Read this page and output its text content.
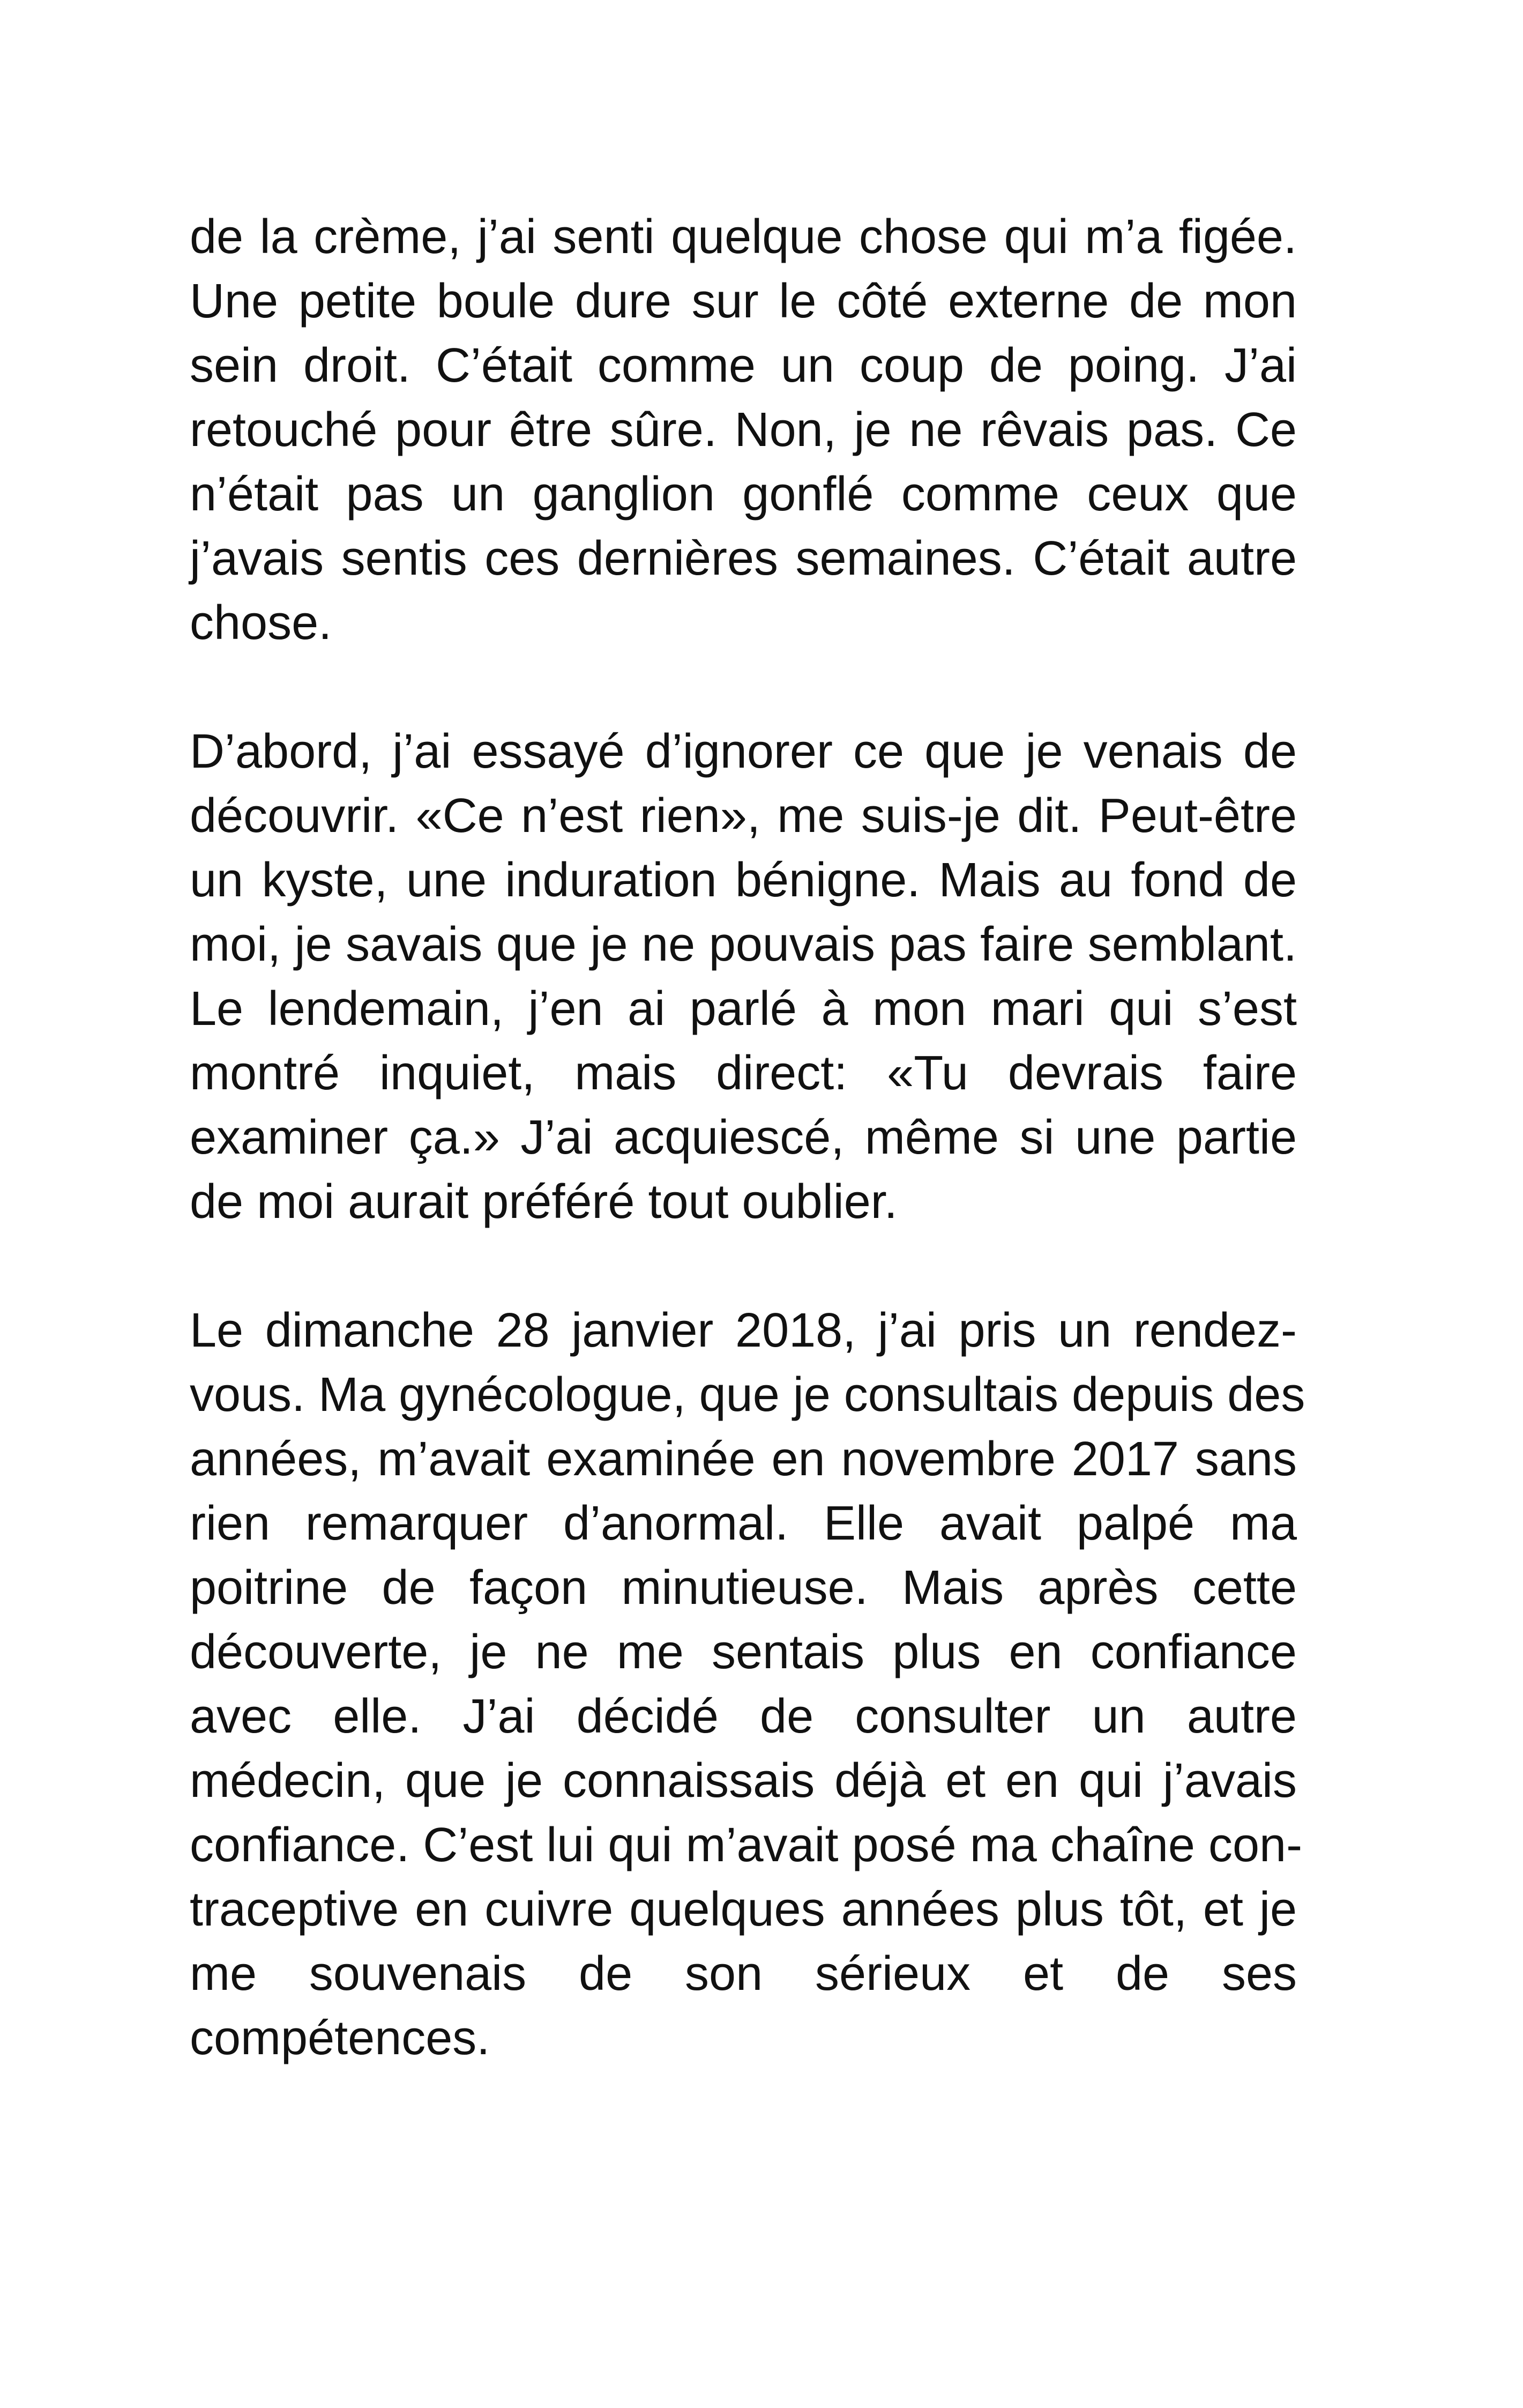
de la crème, j’ai senti quelque chose qui m’a figée.
Une petite boule dure sur le côté externe de mon
sein droit. C’était comme un coup de poing. J’ai
retouché pour être sûre. Non, je ne rêvais pas. Ce
n’était pas un ganglion gonflé comme ceux que
j’avais sentis ces dernières semaines. C’était autre
chose.
D’abord, j’ai essayé d’ignorer ce que je venais de
découvrir. «Ce n’est rien», me suis-je dit. Peut-être
un kyste, une induration bénigne. Mais au fond de
moi, je savais que je ne pouvais pas faire semblant.
Le lendemain, j’en ai parlé à mon mari qui s’est
montré inquiet, mais direct: «Tu devrais faire
examiner ça.» J’ai acquiescé, même si une partie
de moi aurait préféré tout oublier.
Le dimanche 28 janvier 2018, j’ai pris un rendez-
vous. Ma gynécologue, que je consultais depuis des
années, m’avait examinée en novembre 2017 sans
rien remarquer d’anormal. Elle avait palpé ma
poitrine de façon minutieuse. Mais après cette
découverte, je ne me sentais plus en confiance
avec elle. J’ai décidé de consulter un autre
médecin, que je connaissais déjà et en qui j’avais
confiance. C’est lui qui m’avait posé ma chaîne con-
traceptive en cuivre quelques années plus tôt, et je
me souvenais de son sérieux et de ses
compétences.
